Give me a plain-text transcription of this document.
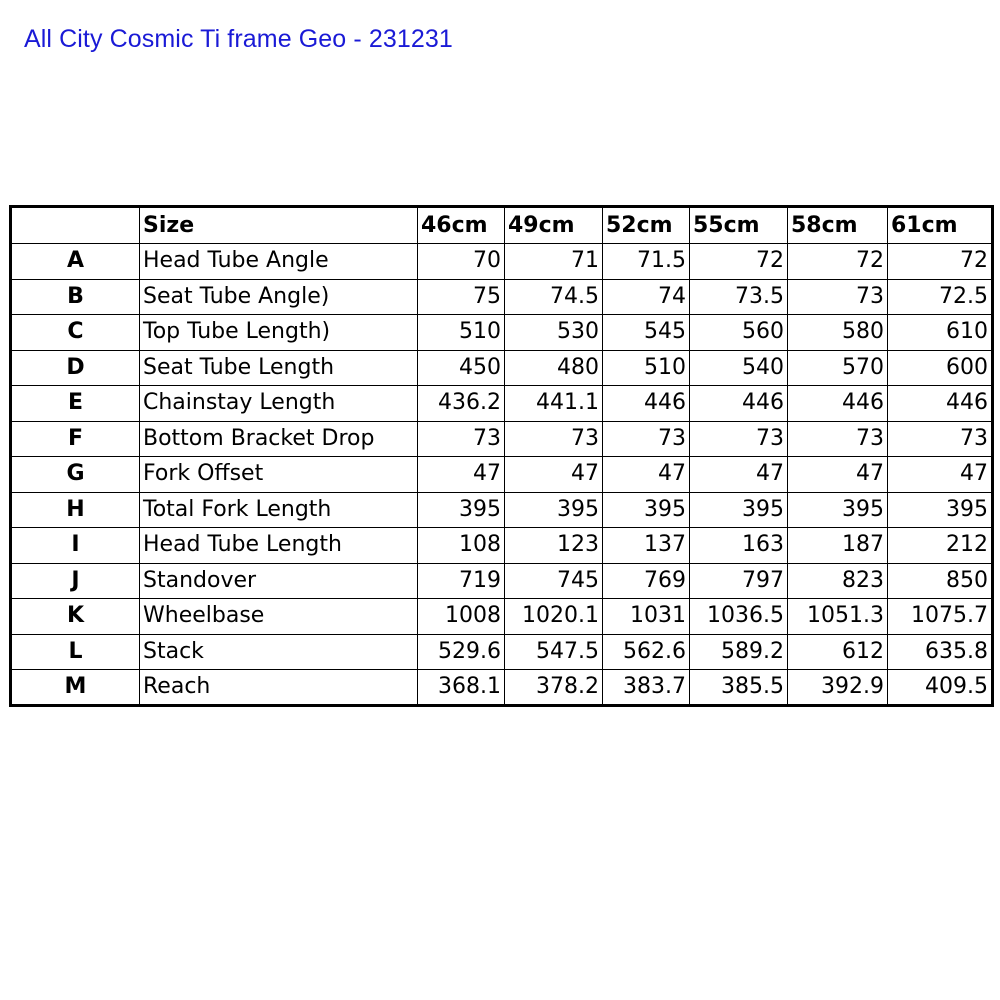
All City Cosmic Ti frame Geo - 231231
	Size	46cm	49cm	52cm	55cm	58cm	61cm
A	Head Tube Angle	70	71	71.5	72	72	72
B	Seat Tube Angle)	75	74.5	74	73.5	73	72.5
C	Top Tube Length)	510	530	545	560	580	610
D	Seat Tube Length	450	480	510	540	570	600
E	Chainstay Length	436.2	441.1	446	446	446	446
F	Bottom Bracket Drop	73	73	73	73	73	73
G	Fork Offset	47	47	47	47	47	47
H	Total Fork Length	395	395	395	395	395	395
I	Head Tube Length	108	123	137	163	187	212
J	Standover	719	745	769	797	823	850
K	Wheelbase	1008	1020.1	1031	1036.5	1051.3	1075.7
L	Stack	529.6	547.5	562.6	589.2	612	635.8
M	Reach	368.1	378.2	383.7	385.5	392.9	409.5
